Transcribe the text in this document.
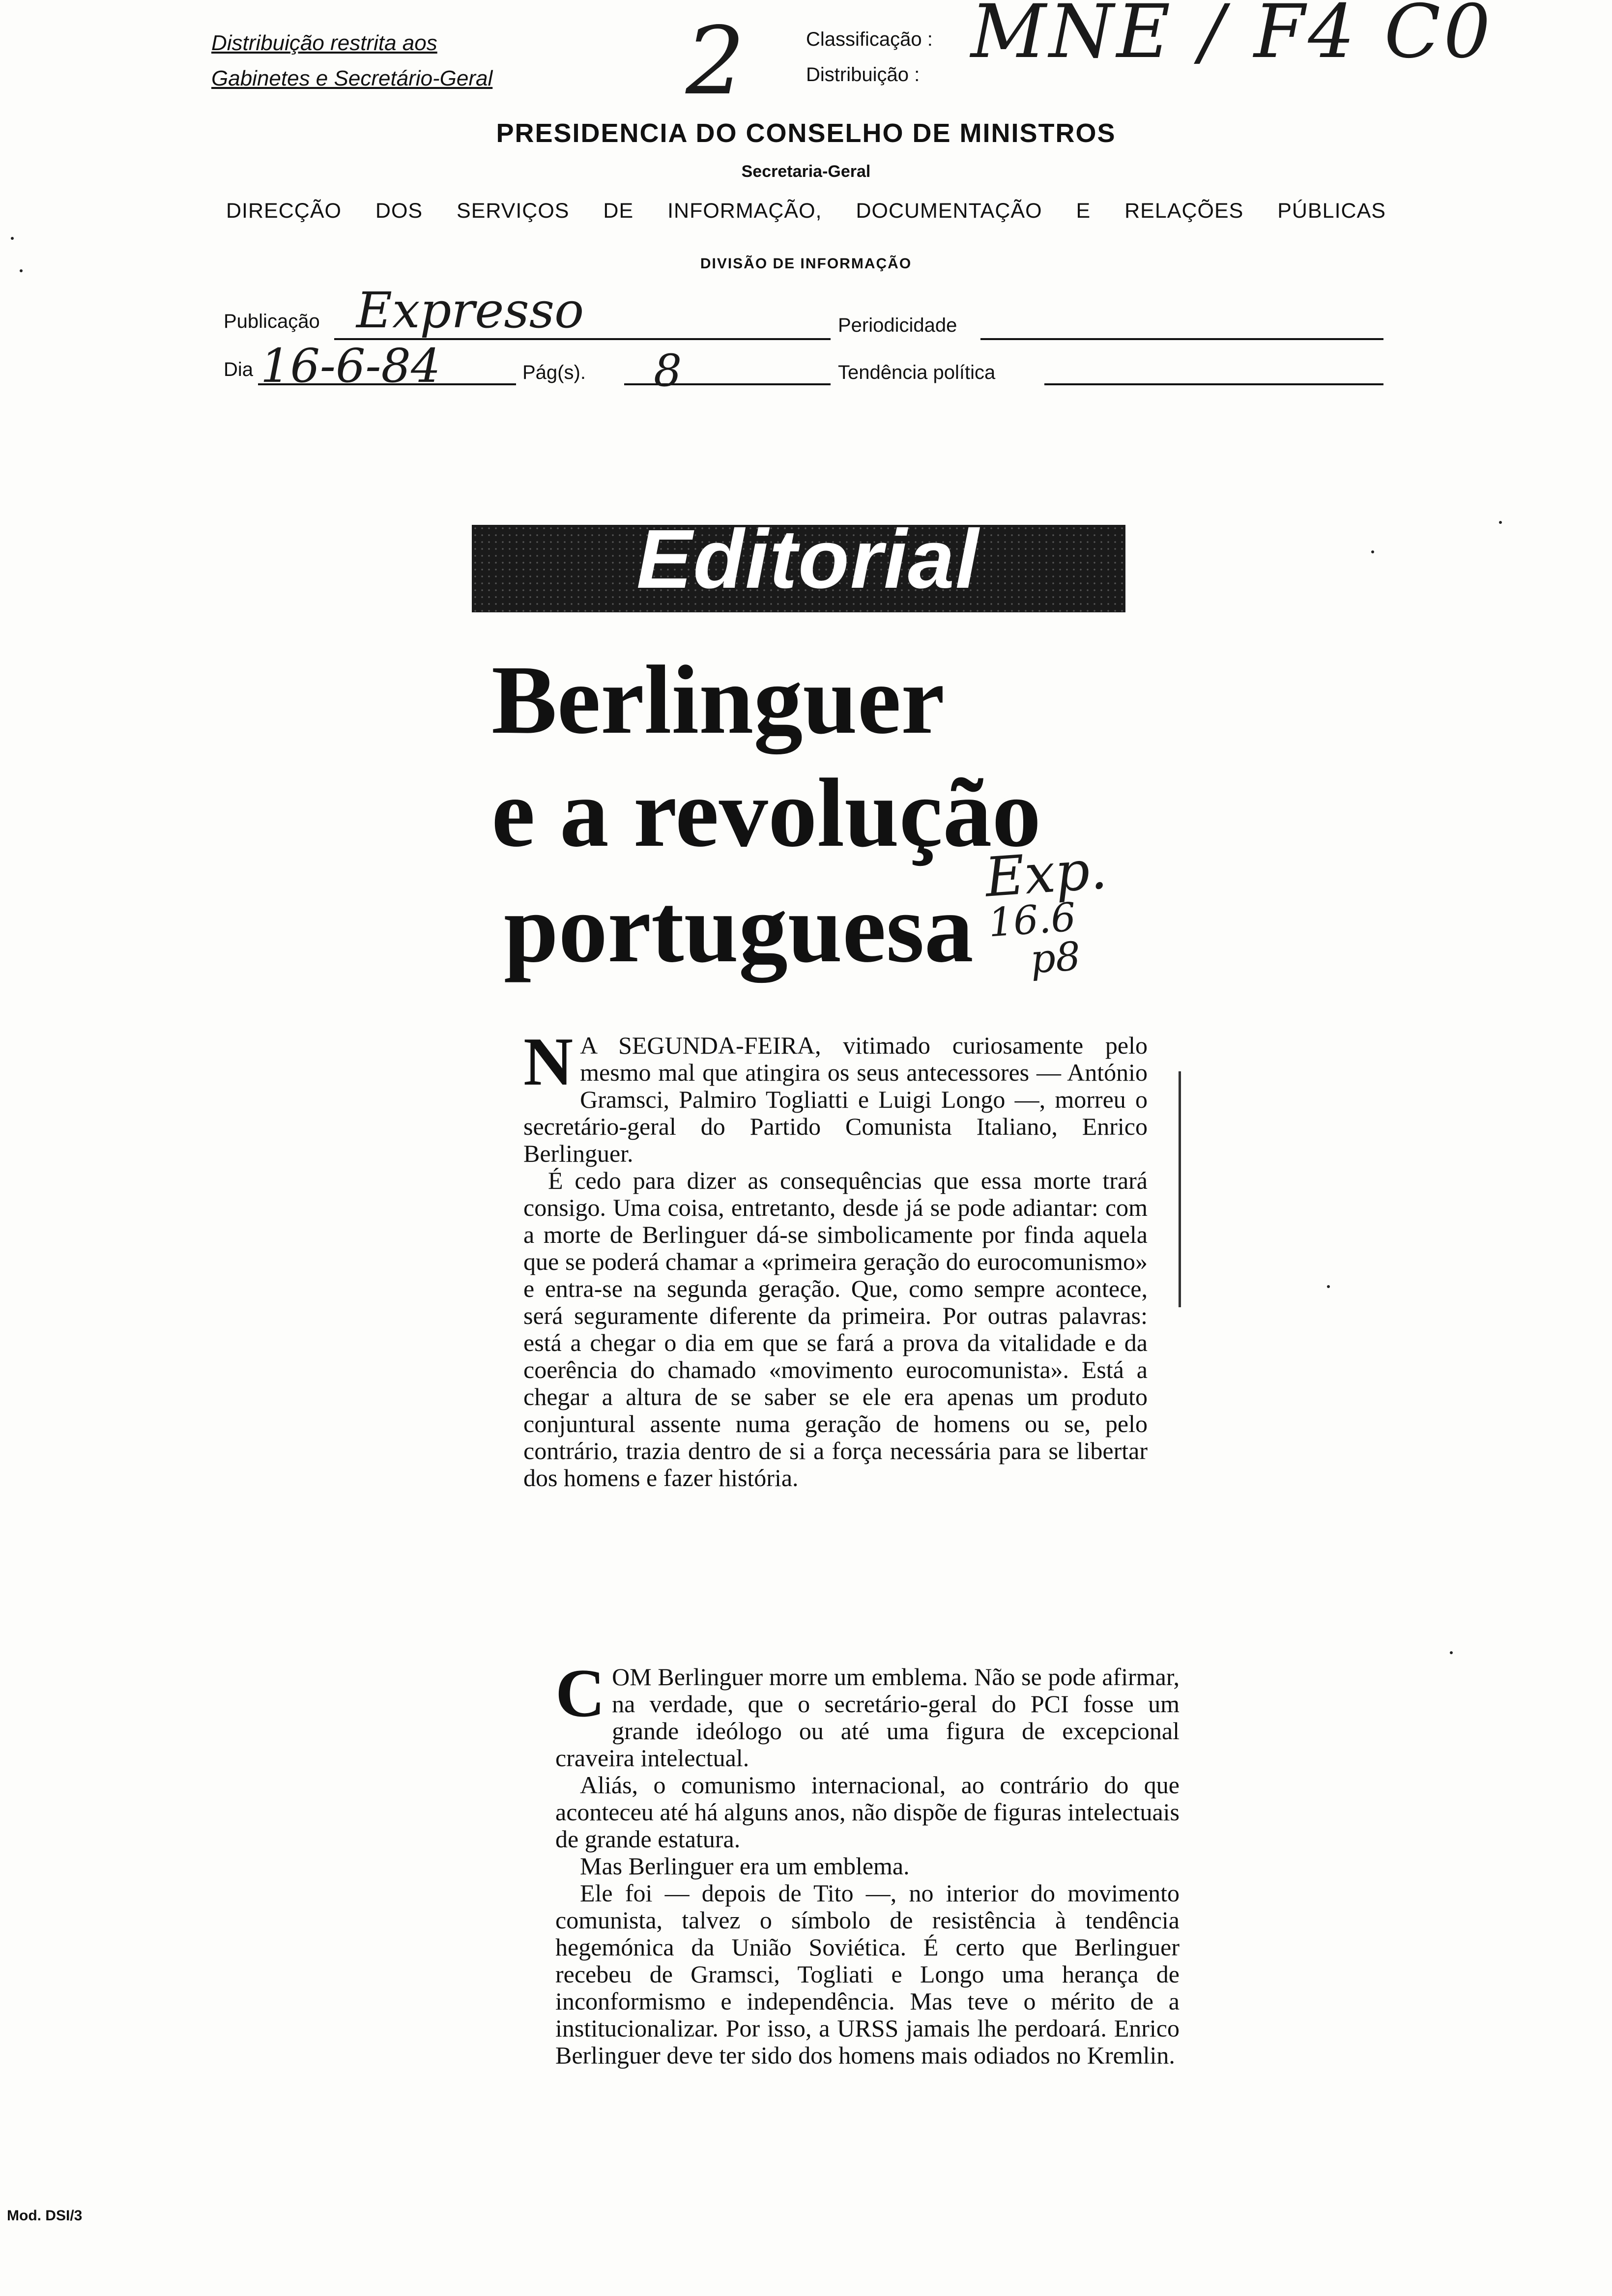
Distribuição restrita aos
Gabinetes e Secretário-Geral 2	Classificação :
Distribuição : MNE / F4 C0
PRESIDENCIA DO CONSELHO DE MINISTROS
Secretaria-Geral
DIRECÇÃO DOS SERVIÇOS DE INFORMAÇÃO, DOCUMENTAÇÃO E RELAÇÕES PÚBLICAS
DIVISÃO DE INFORMAÇÃO
Publicação Expresso	Periodicidade
Dia 16-6-84	Pág(s). 8	Tendência política
Editorial
Berlinguer
e a revolução
portuguesa
Exp.
16.6
p8
N A SEGUNDA-FEIRA, vitimado curiosamente pelo mesmo mal que atingira os seus antecessores — António Gramsci, Palmiro Togliatti e Luigi Longo —, morreu o secretário-geral do Partido Comunista Italiano, Enrico Berlinguer.

É cedo para dizer as consequências que essa morte trará consigo. Uma coisa, entretanto, desde já se pode adiantar: com a morte de Berlinguer dá-se simbolicamente por finda aquela que se poderá chamar a «primeira geração do eurocomunismo» e entra-se na segunda geração. Que, como sempre acontece, será seguramente diferente da primeira. Por outras palavras: está a chegar o dia em que se fará a prova da vitalidade e da coerência do chamado «movimento eurocomunista». Está a chegar a altura de se saber se ele era apenas um produto conjuntural assente numa geração de homens ou se, pelo contrário, trazia dentro de si a força necessária para se libertar dos homens e fazer história.

C OM Berlinguer morre um emblema. Não se pode afirmar, na verdade, que o secretário-geral do PCI fosse um grande ideólogo ou até uma figura de excepcional craveira intelectual.

Aliás, o comunismo internacional, ao contrário do que aconteceu até há alguns anos, não dispõe de figuras intelectuais de grande estatura.

Mas Berlinguer era um emblema.

Ele foi — depois de Tito —, no interior do movimento comunista, talvez o símbolo de resistência à tendência hegemónica da União Soviética. É certo que Berlinguer recebeu de Gramsci, Togliati e Longo uma herança de inconformismo e independência. Mas teve o mérito de a institucionalizar. Por isso, a URSS jamais lhe perdoará. Enrico Berlinguer deve ter sido dos homens mais odiados no Kremlin.

Mod. DSI/3
